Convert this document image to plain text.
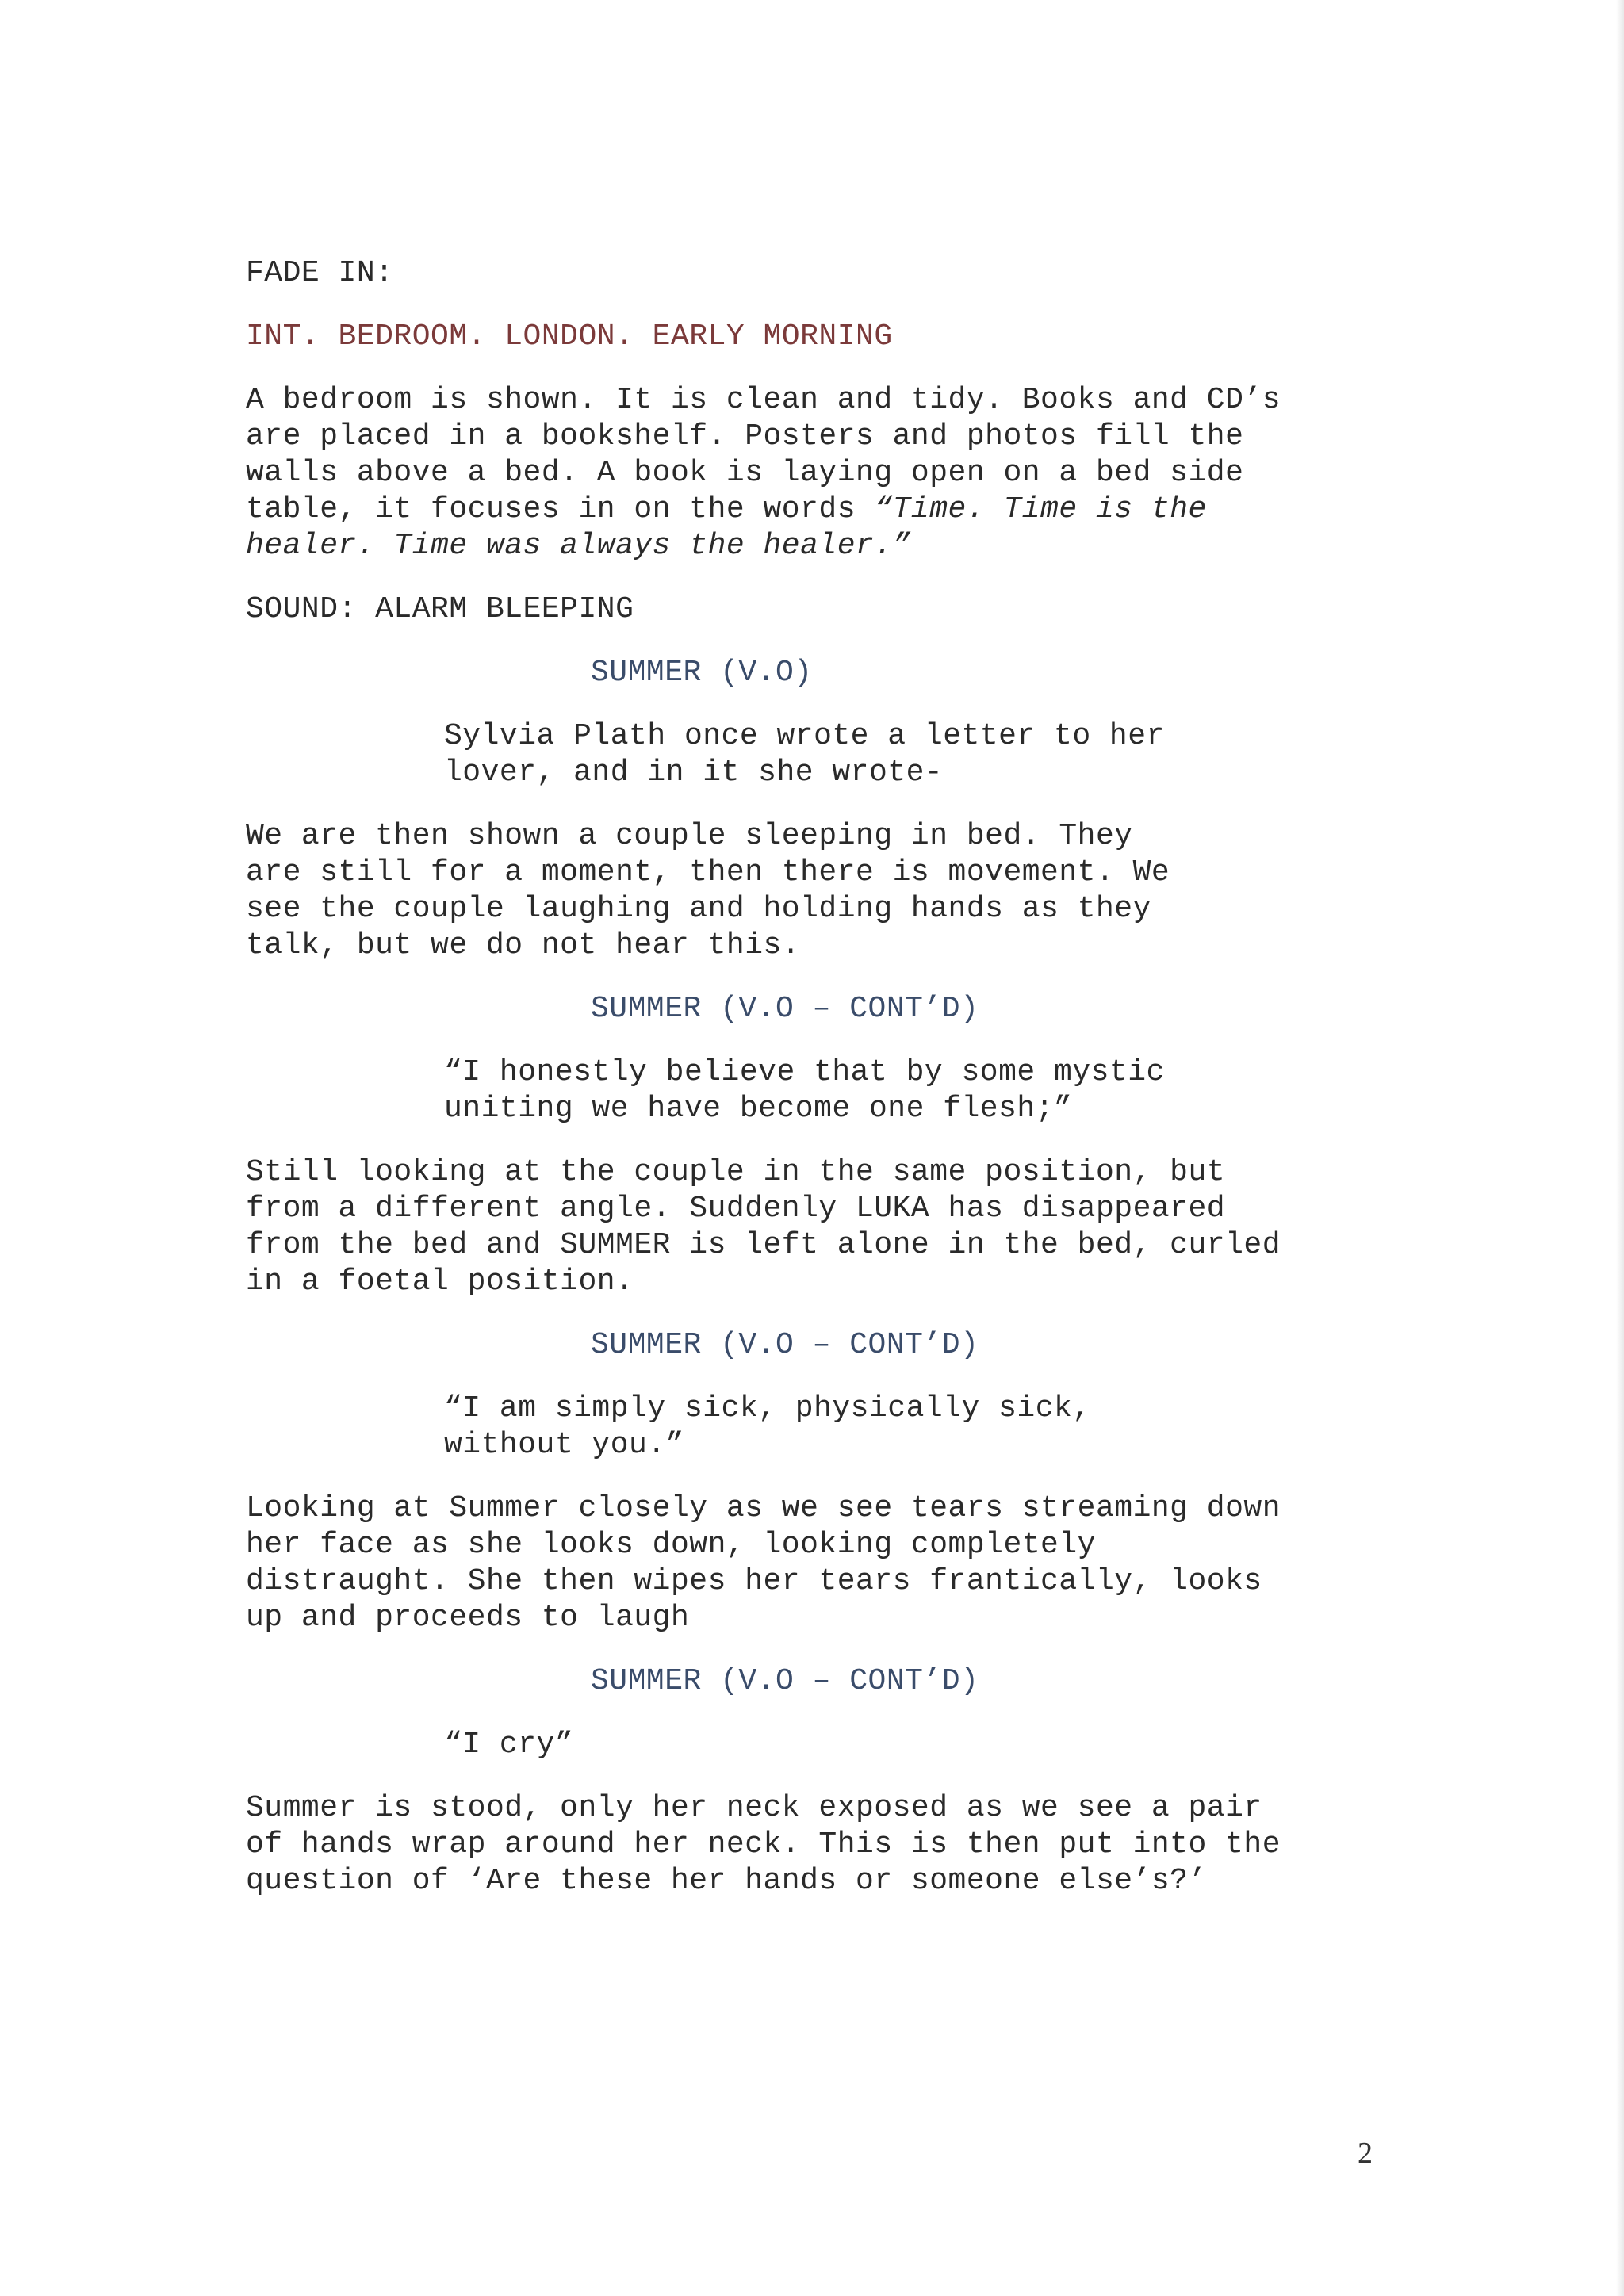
FADE IN:
INT. BEDROOM. LONDON. EARLY MORNING
A bedroom is shown. It is clean and tidy. Books and CD’s
are placed in a bookshelf. Posters and photos fill the
walls above a bed. A book is laying open on a bed side
table, it focuses in on the words “Time. Time is the
healer. Time was always the healer.”
SOUND: ALARM BLEEPING
SUMMER (V.O)
Sylvia Plath once wrote a letter to her
lover, and in it she wrote-
We are then shown a couple sleeping in bed. They
are still for a moment, then there is movement. We
see the couple laughing and holding hands as they
talk, but we do not hear this.
SUMMER (V.O – CONT’D)
“I honestly believe that by some mystic
uniting we have become one flesh;”
Still looking at the couple in the same position, but
from a different angle. Suddenly LUKA has disappeared
from the bed and SUMMER is left alone in the bed, curled
in a foetal position.
SUMMER (V.O – CONT’D)
“I am simply sick, physically sick,
without you.”
Looking at Summer closely as we see tears streaming down
her face as she looks down, looking completely
distraught. She then wipes her tears frantically, looks
up and proceeds to laugh
SUMMER (V.O – CONT’D)
“I cry”
Summer is stood, only her neck exposed as we see a pair
of hands wrap around her neck. This is then put into the
question of ‘Are these her hands or someone else’s?’
2
